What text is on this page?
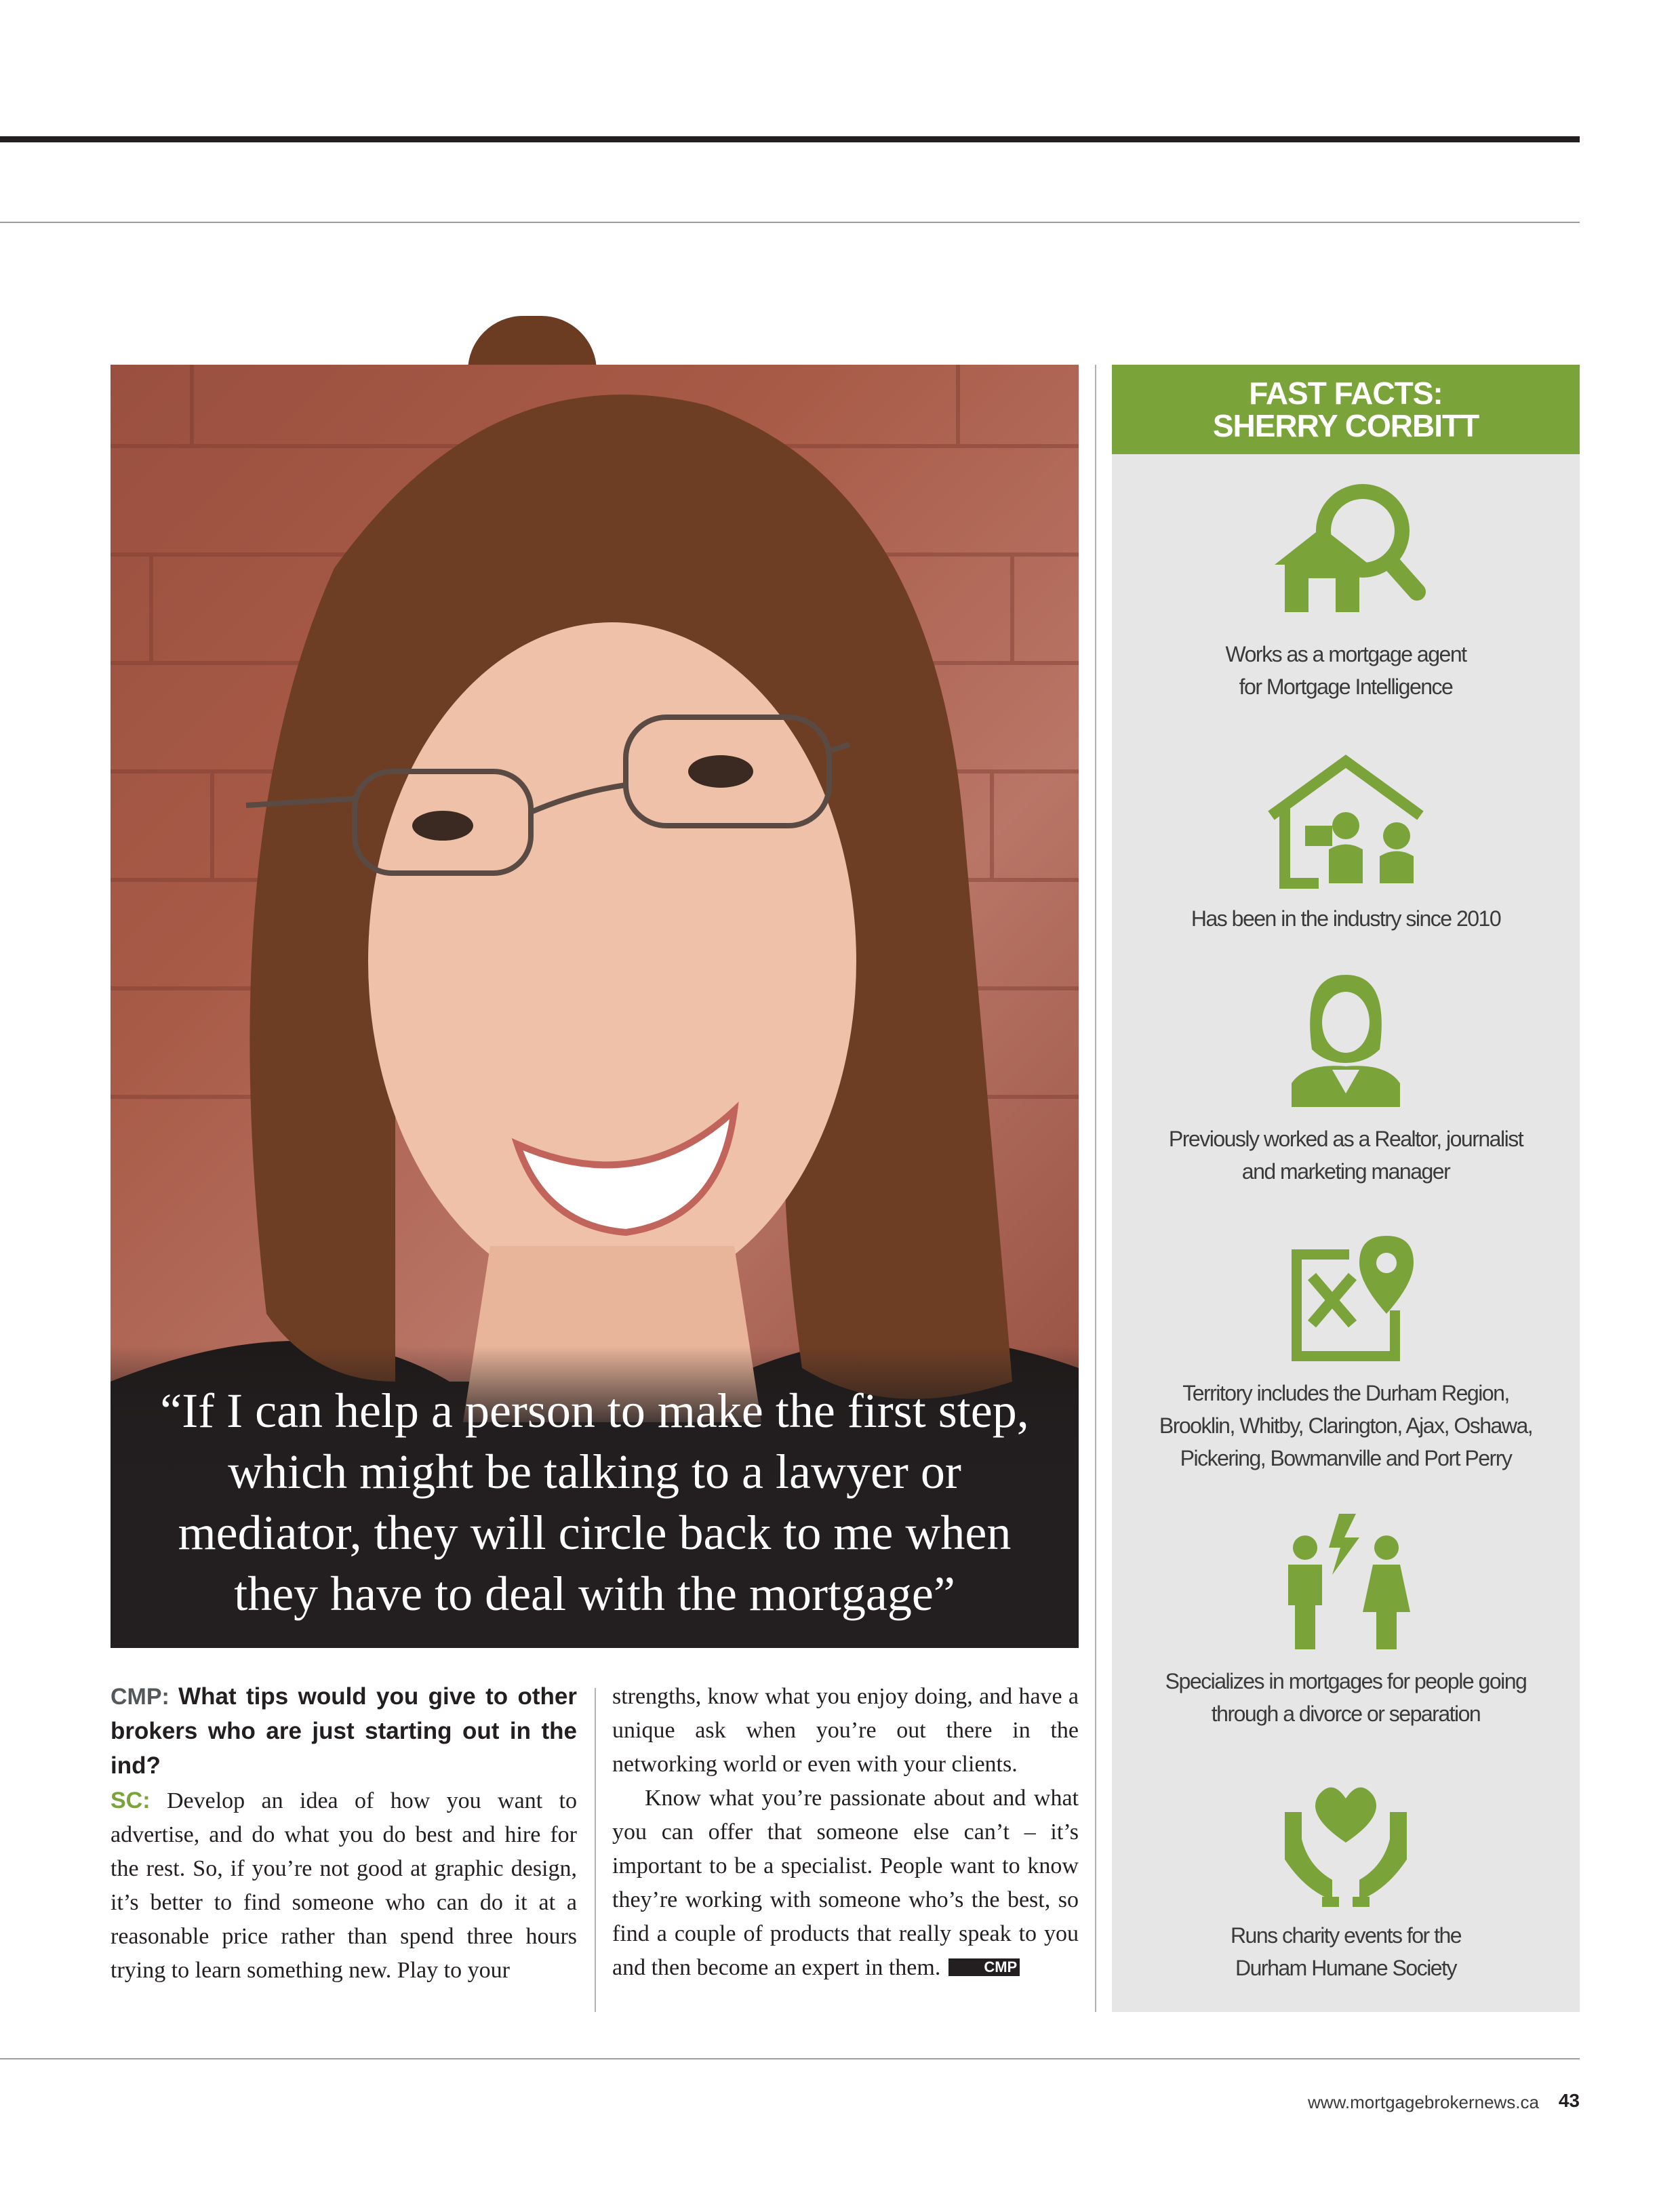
“If I can help a person to make the first step, which might be talking to a lawyer or mediator, they will circle back to me when they have to deal with the mortgage”

CMP: What tips would you give to other brokers who are just starting out in the ind?

SC: Develop an idea of how you want to advertise, and do what you do best and hire for the rest. So, if you’re not good at graphic design, it’s better to find someone who can do it at a reasonable price rather than spend three hours trying to learn something new. Play to your

strengths, know what you enjoy doing, and have a unique ask when you’re out there in the networking world or even with your clients.

Know what you’re passionate about and what you can offer that someone else can’t – it’s important to be a specialist. People want to know they’re working with someone who’s the best, so find a couple of products that really speak to you and then become an expert in them.	CMP

FAST FACTS:
SHERRY CORBITT
Works as a mortgage agent
for Mortgage Intelligence
Has been in the industry since 2010
Previously worked as a Realtor, journalist
and marketing manager
Territory includes the Durham Region,
Brooklin, Whitby, Clarington, Ajax, Oshawa,
Pickering, Bowmanville and Port Perry
Specializes in mortgages for people going
through a divorce or separation
Runs charity events for the
Durham Humane Society
www.mortgagebrokernews.ca	43
